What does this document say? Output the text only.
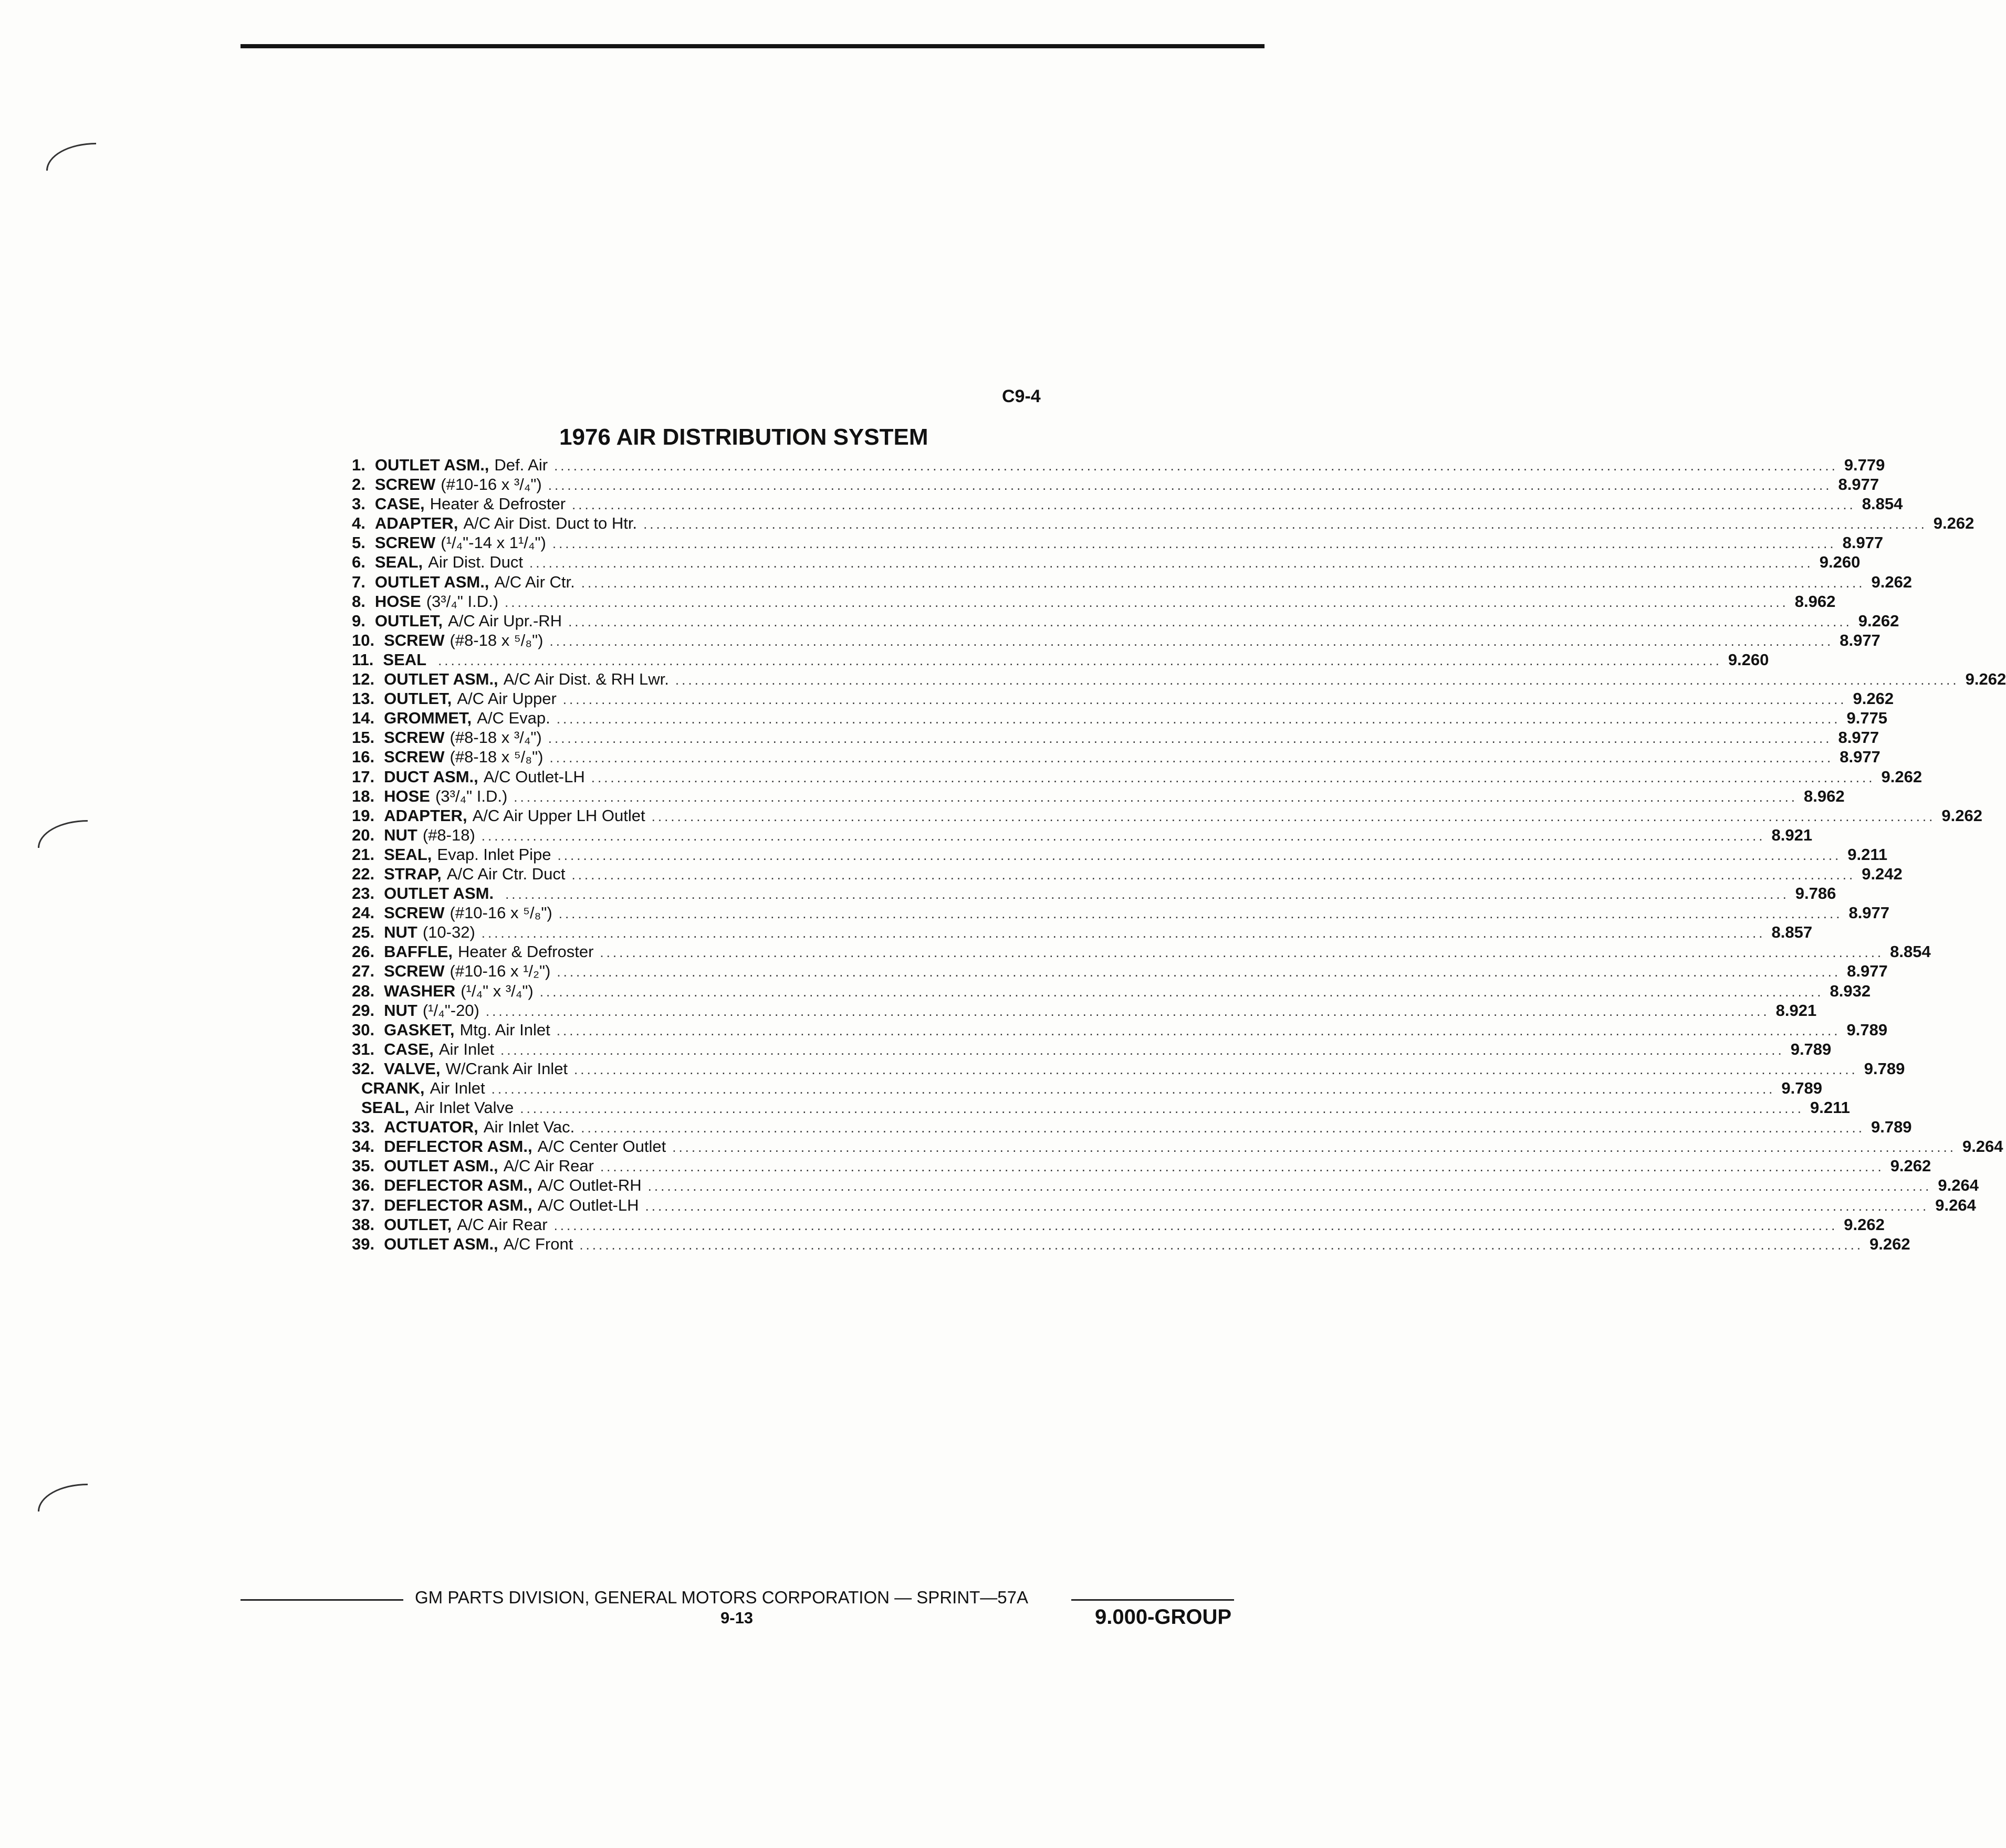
C9-4
1976 AIR DISTRIBUTION SYSTEM
1. OUTLET ASM., Def. Air ........................................................................................................................................................................................................ 9.779
2. SCREW (#10-16 x ³/₄") ........................................................................................................................................................................................................ 8.977
3. CASE, Heater & Defroster ........................................................................................................................................................................................................ 8.854
4. ADAPTER, A/C Air Dist. Duct to Htr. ........................................................................................................................................................................................................ 9.262
5. SCREW (¹/₄"-14 x 1¹/₄") ........................................................................................................................................................................................................ 8.977
6. SEAL, Air Dist. Duct ........................................................................................................................................................................................................ 9.260
7. OUTLET ASM., A/C Air Ctr. ........................................................................................................................................................................................................ 9.262
8. HOSE (3³/₄" I.D.) ........................................................................................................................................................................................................ 8.962
9. OUTLET, A/C Air Upr.-RH ........................................................................................................................................................................................................ 9.262
10. SCREW (#8-18 x ⁵/₈") ........................................................................................................................................................................................................ 8.977
11. SEAL ........................................................................................................................................................................................................ 9.260
12. OUTLET ASM., A/C Air Dist. & RH Lwr. ........................................................................................................................................................................................................ 9.262
13. OUTLET, A/C Air Upper ........................................................................................................................................................................................................ 9.262
14. GROMMET, A/C Evap. ........................................................................................................................................................................................................ 9.775
15. SCREW (#8-18 x ³/₄") ........................................................................................................................................................................................................ 8.977
16. SCREW (#8-18 x ⁵/₈") ........................................................................................................................................................................................................ 8.977
17. DUCT ASM., A/C Outlet-LH ........................................................................................................................................................................................................ 9.262
18. HOSE (3³/₄" I.D.) ........................................................................................................................................................................................................ 8.962
19. ADAPTER, A/C Air Upper LH Outlet ........................................................................................................................................................................................................ 9.262
20. NUT (#8-18) ........................................................................................................................................................................................................ 8.921
21. SEAL, Evap. Inlet Pipe ........................................................................................................................................................................................................ 9.211
22. STRAP, A/C Air Ctr. Duct ........................................................................................................................................................................................................ 9.242
23. OUTLET ASM. ........................................................................................................................................................................................................ 9.786
24. SCREW (#10-16 x ⁵/₈") ........................................................................................................................................................................................................ 8.977
25. NUT (10-32) ........................................................................................................................................................................................................ 8.857
26. BAFFLE, Heater & Defroster ........................................................................................................................................................................................................ 8.854
27. SCREW (#10-16 x ¹/₂") ........................................................................................................................................................................................................ 8.977
28. WASHER (¹/₄" x ³/₄") ........................................................................................................................................................................................................ 8.932
29. NUT (¹/₄"-20) ........................................................................................................................................................................................................ 8.921
30. GASKET, Mtg. Air Inlet ........................................................................................................................................................................................................ 9.789
31. CASE, Air Inlet ........................................................................................................................................................................................................ 9.789
32. VALVE, W/Crank Air Inlet ........................................................................................................................................................................................................ 9.789
CRANK, Air Inlet ........................................................................................................................................................................................................ 9.789
SEAL, Air Inlet Valve ........................................................................................................................................................................................................ 9.211
33. ACTUATOR, Air Inlet Vac. ........................................................................................................................................................................................................ 9.789
34. DEFLECTOR ASM., A/C Center Outlet ........................................................................................................................................................................................................ 9.264
35. OUTLET ASM., A/C Air Rear ........................................................................................................................................................................................................ 9.262
36. DEFLECTOR ASM., A/C Outlet-RH ........................................................................................................................................................................................................ 9.264
37. DEFLECTOR ASM., A/C Outlet-LH ........................................................................................................................................................................................................ 9.264
38. OUTLET, A/C Air Rear ........................................................................................................................................................................................................ 9.262
39. OUTLET ASM., A/C Front ........................................................................................................................................................................................................ 9.262
GM PARTS DIVISION, GENERAL MOTORS CORPORATION — SPRINT—57A
9-13	9.000-GROUP
